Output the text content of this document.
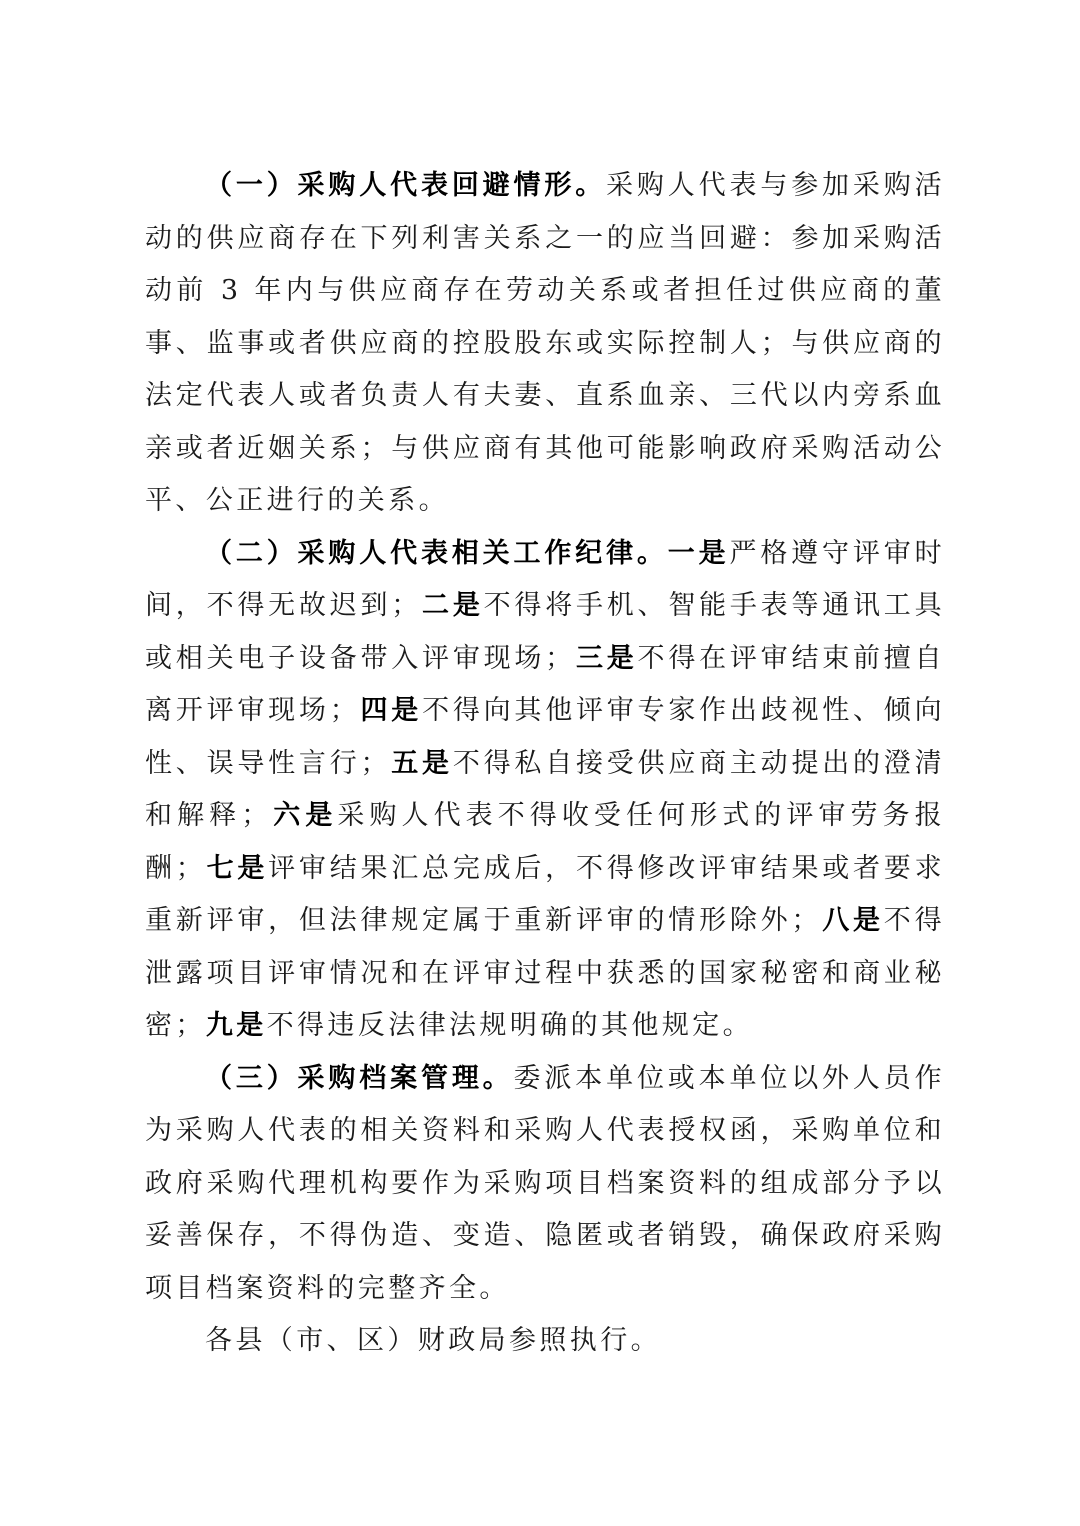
（一）采购人代表回避情形。采购人代表与参加采购活动的供应商存在下列利害关系之一的应当回避：参加采购活动前 3 年内与供应商存在劳动关系或者担任过供应商的董事、监事或者供应商的控股股东或实际控制人；与供应商的法定代表人或者负责人有夫妻、直系血亲、三代以内旁系血亲或者近姻关系；与供应商有其他可能影响政府采购活动公平、公正进行的关系。

（二）采购人代表相关工作纪律。一是严格遵守评审时间，不得无故迟到；二是不得将手机、智能手表等通讯工具或相关电子设备带入评审现场；三是不得在评审结束前擅自离开评审现场；四是不得向其他评审专家作出歧视性、倾向性、误导性言行；五是不得私自接受供应商主动提出的澄清和解释；六是采购人代表不得收受任何形式的评审劳务报酬；七是评审结果汇总完成后，不得修改评审结果或者要求重新评审，但法律规定属于重新评审的情形除外；八是不得泄露项目评审情况和在评审过程中获悉的国家秘密和商业秘密；九是不得违反法律法规明确的其他规定。

（三）采购档案管理。委派本单位或本单位以外人员作为采购人代表的相关资料和采购人代表授权函，采购单位和政府采购代理机构要作为采购项目档案资料的组成部分予以妥善保存，不得伪造、变造、隐匿或者销毁，确保政府采购项目档案资料的完整齐全。

各县（市、区）财政局参照执行。
